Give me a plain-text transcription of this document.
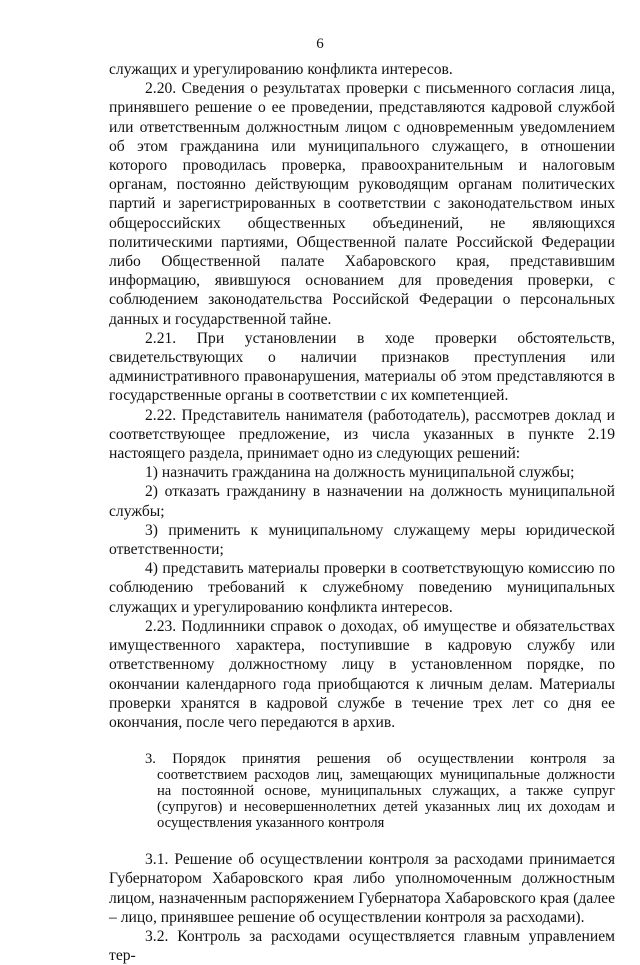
6

служащих и урегулированию конфликта интересов.

2.20. Сведения о результатах проверки с письменного согласия лица, принявшего решение о ее проведении, представляются кадровой службой или ответственным должностным лицом с одновременным уведомлением об этом гражданина или муниципального служащего, в отношении которого проводилась проверка, правоохранительным и налоговым органам, постоянно действующим руководящим органам политических партий и зарегистрированных в соответствии с законодательством иных общероссийских общественных объединений, не являющихся политическими партиями, Общественной палате Российской Федерации либо Общественной палате Хабаровского края, представившим информацию, явившуюся основанием для проведения проверки, с соблюдением законодательства Российской Федерации о персональных данных и государственной тайне.

2.21. При установлении в ходе проверки обстоятельств, свидетельствующих о наличии признаков преступления или административного правонарушения, материалы об этом представляются в государственные органы в соответствии с их компетенцией.

2.22. Представитель нанимателя (работодатель), рассмотрев доклад и соответствующее предложение, из числа указанных в пункте 2.19 настоящего раздела, принимает одно из следующих решений:

1) назначить гражданина на должность муниципальной службы;

2) отказать гражданину в назначении на должность муниципальной службы;

3) применить к муниципальному служащему меры юридической ответственности;

4) представить материалы проверки в соответствующую комиссию по соблюдению требований к служебному поведению муниципальных служащих и урегулированию конфликта интересов.

2.23. Подлинники справок о доходах, об имуществе и обязательствах имущественного характера, поступившие в кадровую службу или ответственному должностному лицу в установленном порядке, по окончании календарного года приобщаются к личным делам. Материалы проверки хранятся в кадровой службе в течение трех лет со дня ее окончания, после чего передаются в архив.

3. Порядок принятия решения об осуществлении контроля за соответствием расходов лиц, замещающих муниципальные должности на постоянной основе, муниципальных служащих, а также супруг (супругов) и несовершеннолетних детей указанных лиц их доходам и осуществления указанного контроля

3.1. Решение об осуществлении контроля за расходами принимается Губернатором Хабаровского края либо уполномоченным должностным лицом, назначенным распоряжением Губернатора Хабаровского края (далее – лицо, принявшее решение об осуществлении контроля за расходами).

3.2. Контроль за расходами осуществляется главным управлением тер-
